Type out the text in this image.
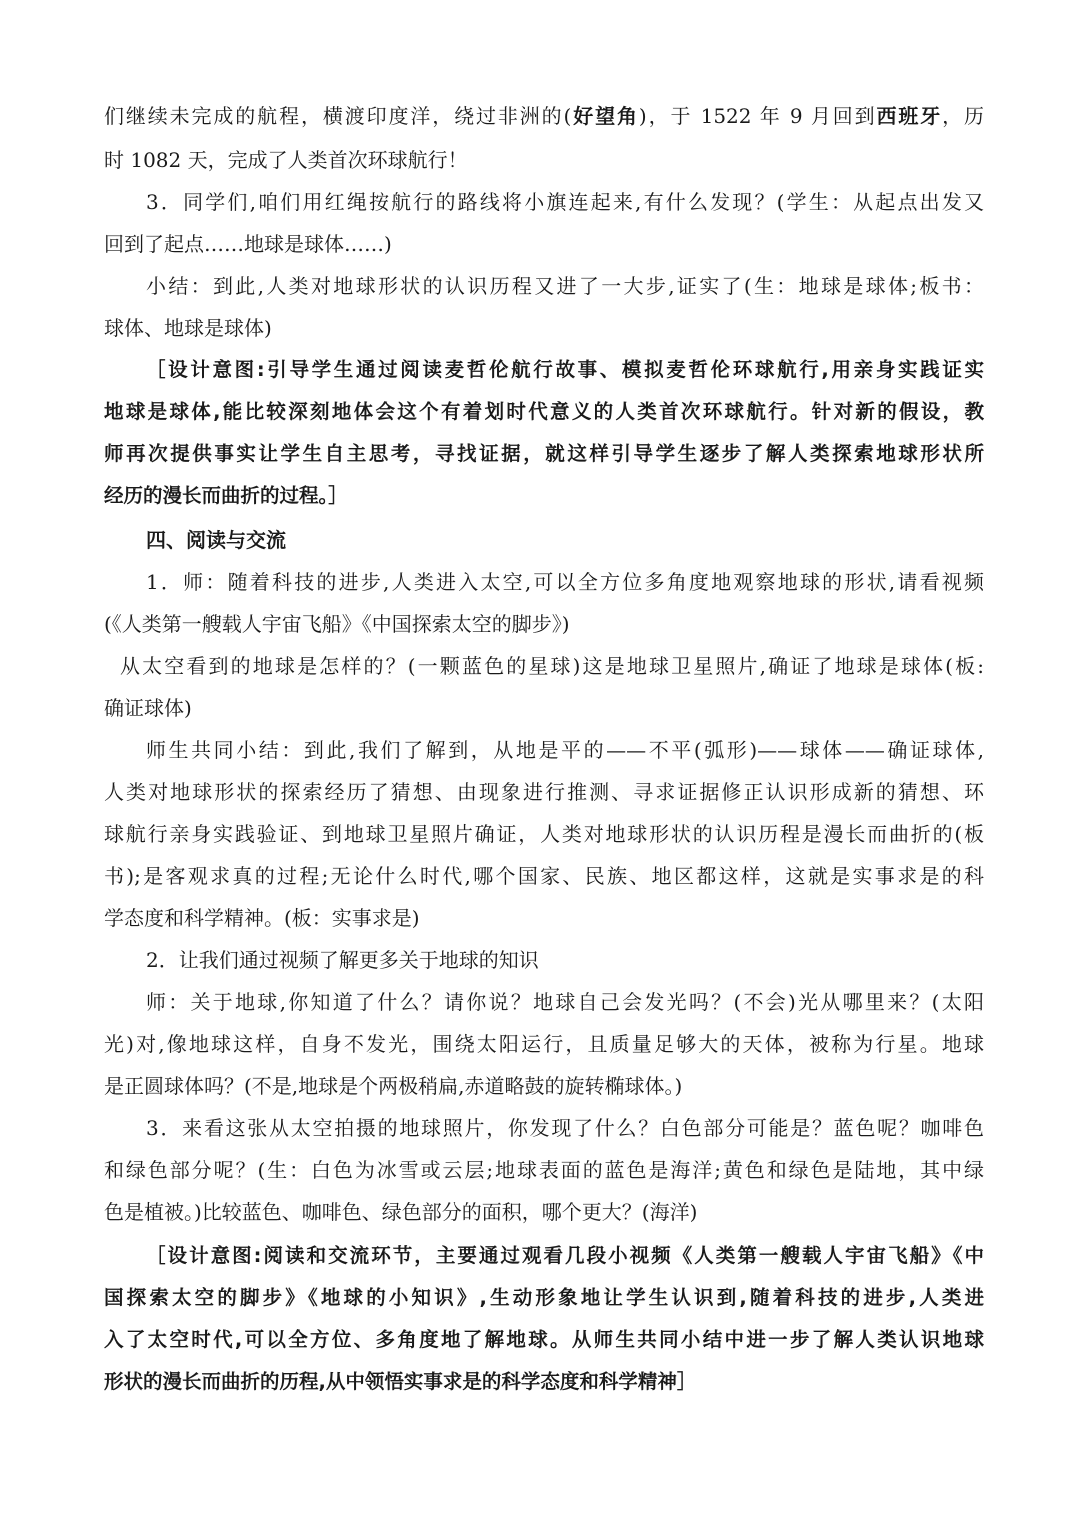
们继续未完成的航程，横渡印度洋，绕过非洲的(好望角)，于 1522 年 9 月回到西班牙，历
时 1082 天，完成了人类首次环球航行！
3．同学们,咱们用红绳按航行的路线将小旗连起来,有什么发现？(学生：从起点出发又
回到了起点……地球是球体……)
小结：到此,人类对地球形状的认识历程又进了一大步,证实了(生：地球是球体;板书：
球体、地球是球体)
［设计意图:引导学生通过阅读麦哲伦航行故事、模拟麦哲伦环球航行,用亲身实践证实
地球是球体,能比较深刻地体会这个有着划时代意义的人类首次环球航行。针对新的假设，教
师再次提供事实让学生自主思考，寻找证据，就这样引导学生逐步了解人类探索地球形状所
经历的漫长而曲折的过程。］
四、阅读与交流
1．师：随着科技的进步,人类进入太空,可以全方位多角度地观察地球的形状,请看视频
(《人类第一艘载人宇宙飞船》《中国探索太空的脚步》)
从太空看到的地球是怎样的？(一颗蓝色的星球)这是地球卫星照片,确证了地球是球体(板:
确证球体)
师生共同小结：到此,我们了解到，从地是平的——不平(弧形)——球体——确证球体,
人类对地球形状的探索经历了猜想、由现象进行推测、寻求证据修正认识形成新的猜想、环
球航行亲身实践验证、到地球卫星照片确证，人类对地球形状的认识历程是漫长而曲折的(板
书);是客观求真的过程;无论什么时代,哪个国家、民族、地区都这样，这就是实事求是的科
学态度和科学精神。(板：实事求是)
2．让我们通过视频了解更多关于地球的知识
师：关于地球,你知道了什么？请你说？地球自己会发光吗？(不会)光从哪里来？(太阳
光)对,像地球这样，自身不发光，围绕太阳运行，且质量足够大的天体，被称为行星。地球
是正圆球体吗？(不是,地球是个两极稍扁,赤道略鼓的旋转椭球体。)
3．来看这张从太空拍摄的地球照片，你发现了什么？白色部分可能是？蓝色呢？咖啡色
和绿色部分呢？(生：白色为冰雪或云层;地球表面的蓝色是海洋;黄色和绿色是陆地，其中绿
色是植被。)比较蓝色、咖啡色、绿色部分的面积，哪个更大？(海洋)
［设计意图:阅读和交流环节，主要通过观看几段小视频《人类第一艘载人宇宙飞船》《中
国探索太空的脚步》《地球的小知识》,生动形象地让学生认识到,随着科技的进步,人类进
入了太空时代,可以全方位、多角度地了解地球。从师生共同小结中进一步了解人类认识地球
形状的漫长而曲折的历程,从中领悟实事求是的科学态度和科学精神］
